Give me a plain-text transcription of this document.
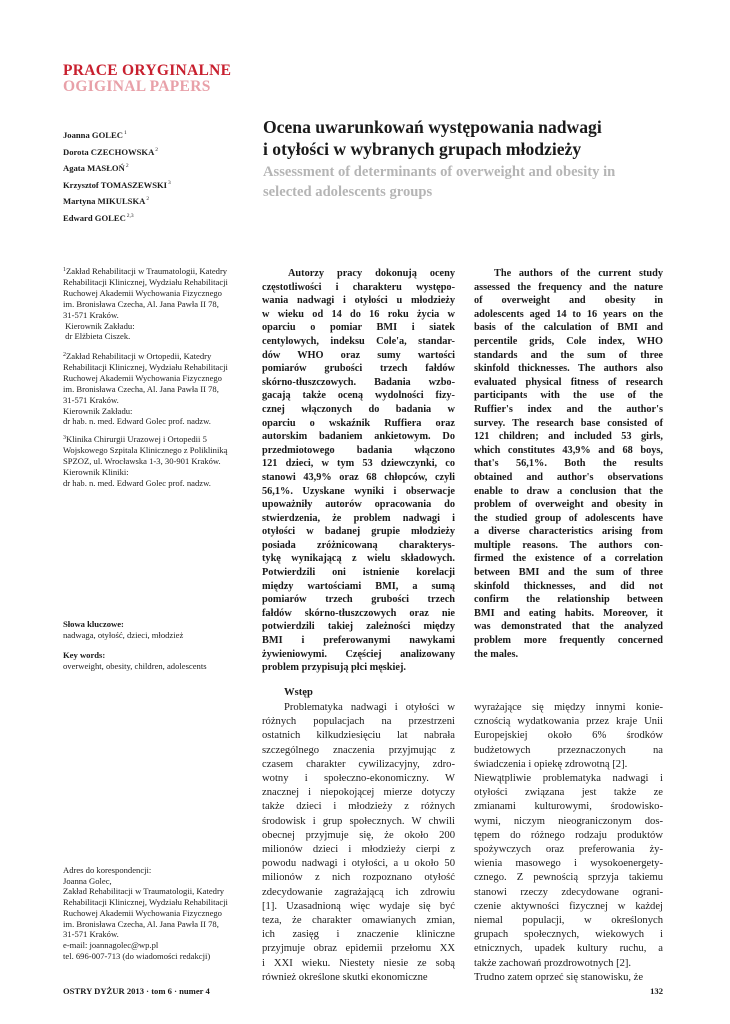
PRACE ORYGINALNE
OGIGINAL PAPERS
Joanna GOLEC$^1$
Dorota CZECHOWSKA$^2$
Agata MASŁOŃ$^2$
Krzysztof TOMASZEWSKI$^3$
Martyna MIKULSKA$^2$
Edward GOLEC$^{2,3}$
Ocena uwarunkowań występowania nadwagi
i otyłości w wybranych grupach młodzieży
Assessment of determinants of overweight and obesity in
selected adolescents groups
$^1$Zakład Rehabilitacji w Traumatologii, Katedry
Rehabilitacji Klinicznej, Wydziału Rehabilitacji
Ruchowej Akademii Wychowania Fizycznego
im. Bronisława Czecha, Al. Jana Pawła II 78,
31-571 Kraków.
Kierownik Zakładu:
dr Elżbieta Ciszek.
$^2$Zakład Rehabilitacji w Ortopedii, Katedry
Rehabilitacji Klinicznej, Wydziału Rehabilitacji
Ruchowej Akademii Wychowania Fizycznego
im. Bronisława Czecha, Al. Jana Pawła II 78,
31-571 Kraków.
Kierownik Zakładu:
dr hab. n. med. Edward Golec prof. nadzw.
$^3$Klinika Chirurgii Urazowej i Ortopedii 5
Wojskowego Szpitala Klinicznego z Polikliniką
SPZOZ, ul. Wrocławska 1-3, 30-901 Kraków.
Kierownik Kliniki:
dr hab. n. med. Edward Golec prof. nadzw.
Słowa kluczowe:
nadwaga, otyłość, dzieci, młodzież
Key words:
overweight, obesity, children, adolescents
Autorzy pracy dokonują oceny
częstotliwości i charakteru występo-
wania nadwagi i otyłości u młodzieży
w wieku od 14 do 16 roku życia w
oparciu o pomiar BMI i siatek
centylowych, indeksu Cole'a, standar-
dów WHO oraz sumy wartości
pomiarów grubości trzech fałdów
skórno-tłuszczowych. Badania wzbo-
gacają także oceną wydolności fizy-
cznej włączonych do badania w
oparciu o wskaźnik Ruffiera oraz
autorskim badaniem ankietowym. Do
przedmiotowego badania włączono
121 dzieci, w tym 53 dziewczynki, co
stanowi 43,9% oraz 68 chłopców, czyli
56,1%. Uzyskane wyniki i obserwacje
upoważniły autorów opracowania do
stwierdzenia, że problem nadwagi i
otyłości w badanej grupie młodzieży
posiada zróżnicowaną charakterys-
tykę wynikającą z wielu składowych.
Potwierdzili oni istnienie korelacji
między wartościami BMI, a sumą
pomiarów trzech grubości trzech
fałdów skórno-tłuszczowych oraz nie
potwierdzili takiej zależności między
BMI i preferowanymi nawykami
żywieniowymi. Częściej analizowany
problem przypisują płci męskiej.
The authors of the current study
assessed the frequency and the nature
of overweight and obesity in
adolescents aged 14 to 16 years on the
basis of the calculation of BMI and
percentile grids, Cole index, WHO
standards and the sum of three
skinfold thicknesses. The authors also
evaluated physical fitness of research
participants with the use of the
Ruffier's index and the author's
survey. The research base consisted of
121 children; and included 53 girls,
which constitutes 43,9% and 68 boys,
that's 56,1%. Both the results
obtained and author's observations
enable to draw a conclusion that the
problem of overweight and obesity in
the studied group of adolescents have
a diverse characteristics arising from
multiple reasons. The authors con-
firmed the existence of a correlation
between BMI and the sum of three
skinfold thicknesses, and did not
confirm the relationship between
BMI and eating habits. Moreover, it
was demonstrated that the analyzed
problem more frequently concerned
the males.
Wstęp
Problematyka nadwagi i otyłości w
różnych populacjach na przestrzeni
ostatnich kilkudziesięciu lat nabrała
szczególnego znaczenia przyjmując z
czasem charakter cywilizacyjny, zdro-
wotny i społeczno-ekonomiczny. W
znacznej i niepokojącej mierze dotyczy
także dzieci i młodzieży z różnych
środowisk i grup społecznych. W chwili
obecnej przyjmuje się, że około 200
milionów dzieci i młodzieży cierpi z
powodu nadwagi i otyłości, a u około 50
milionów z nich rozpoznano otyłość
zdecydowanie zagrażającą ich zdrowiu
[1]. Uzasadnioną więc wydaje się być
teza, że charakter omawianych zmian,
ich zasięg i znaczenie kliniczne
przyjmuje obraz epidemii przełomu XX
i XXI wieku. Niestety niesie ze sobą
również określone skutki ekonomiczne
wyrażające się między innymi konie-
cznością wydatkowania przez kraje Unii
Europejskiej około 6% środków
budżetowych przeznaczonych na
świadczenia i opiekę zdrowotną [2].
Niewątpliwie problematyka nadwagi i
otyłości związana jest także ze
zmianami kulturowymi, środowisko-
wymi, niczym nieograniczonym dos-
tępem do różnego rodzaju produktów
spożywczych oraz preferowania ży-
wienia masowego i wysokoenergety-
cznego. Z pewnością sprzyja takiemu
stanowi rzeczy zdecydowane ograni-
czenie aktywności fizycznej w każdej
niemal populacji, w określonych
grupach społecznych, wiekowych i
etnicznych, upadek kultury ruchu, a
także zachowań prozdrowotnych [2].
Trudno zatem oprzeć się stanowisku, że
Adres do korespondencji:
Joanna Golec,
Zakład Rehabilitacji w Traumatologii, Katedry
Rehabilitacji Klinicznej, Wydziału Rehabilitacji
Ruchowej Akademii Wychowania Fizycznego
im. Bronisława Czecha, Al. Jana Pawła II 78,
31-571 Kraków.
e-mail: joannagolec@wp.pl
tel. 696-007-713 (do wiadomości redakcji)
OSTRY DYŻUR 2013 · tom 6 · numer 4	132
